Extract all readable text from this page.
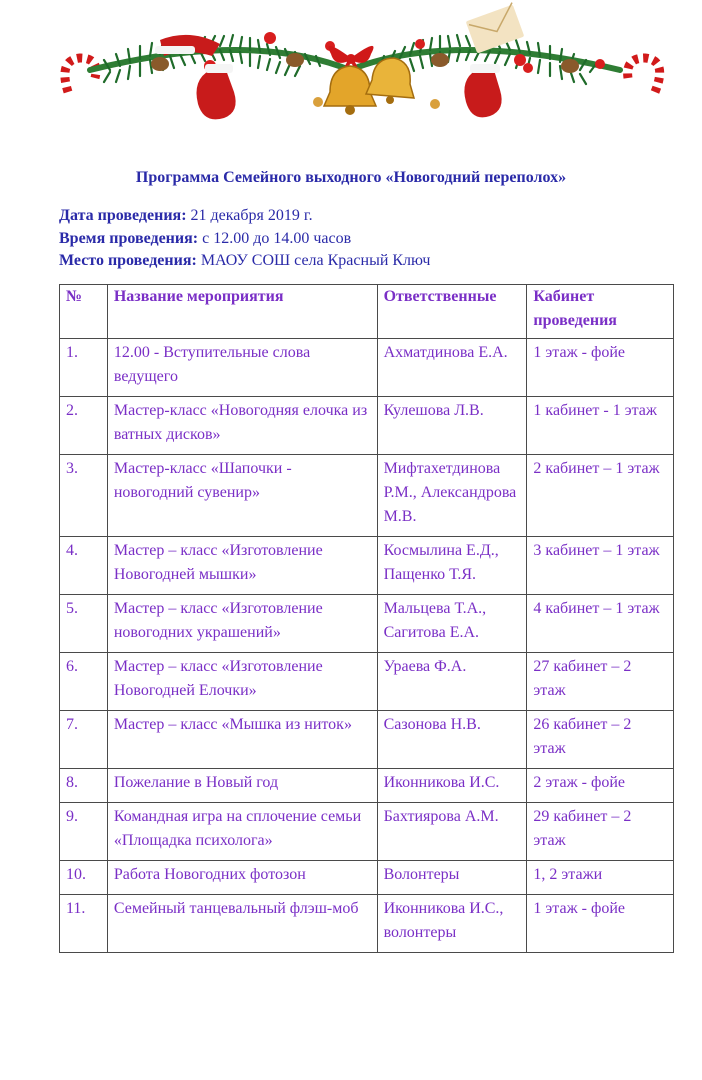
Программа Семейного выходного «Новогодний переполох»
Дата проведения: 21 декабря 2019 г.
Время проведения: с 12.00 до 14.00 часов
Место проведения: МАОУ СОШ села Красный Ключ
№	Название мероприятия	Ответственные	Кабинет проведения
1.	12.00 - Вступительные слова ведущего	Ахматдинова Е.А.	1 этаж - фойе
2.	Мастер-класс «Новогодняя елочка из ватных дисков»	Кулешова Л.В.	1 кабинет - 1 этаж
3.	Мастер-класс «Шапочки - новогодний сувенир»	Мифтахетдинова Р.М., Александрова М.В.	2 кабинет – 1 этаж
4.	Мастер – класс «Изготовление Новогодней мышки»	Космылина Е.Д., Пащенко Т.Я.	3 кабинет – 1 этаж
5.	Мастер – класс «Изготовление новогодних украшений»	Мальцева Т.А., Сагитова Е.А.	4 кабинет – 1 этаж
6.	Мастер – класс «Изготовление Новогодней Елочки»	Ураева Ф.А.	27 кабинет – 2 этаж
7.	Мастер – класс «Мышка из ниток»	Сазонова Н.В.	26 кабинет – 2 этаж
8.	Пожелание в Новый год	Иконникова И.С.	2 этаж - фойе
9.	Командная игра на сплочение семьи «Площадка психолога»	Бахтиярова А.М.	29 кабинет – 2 этаж
10.	Работа Новогодних фотозон	Волонтеры	1, 2 этажи
11.	Семейный танцевальный флэш-моб	Иконникова И.С., волонтеры	1 этаж - фойе
